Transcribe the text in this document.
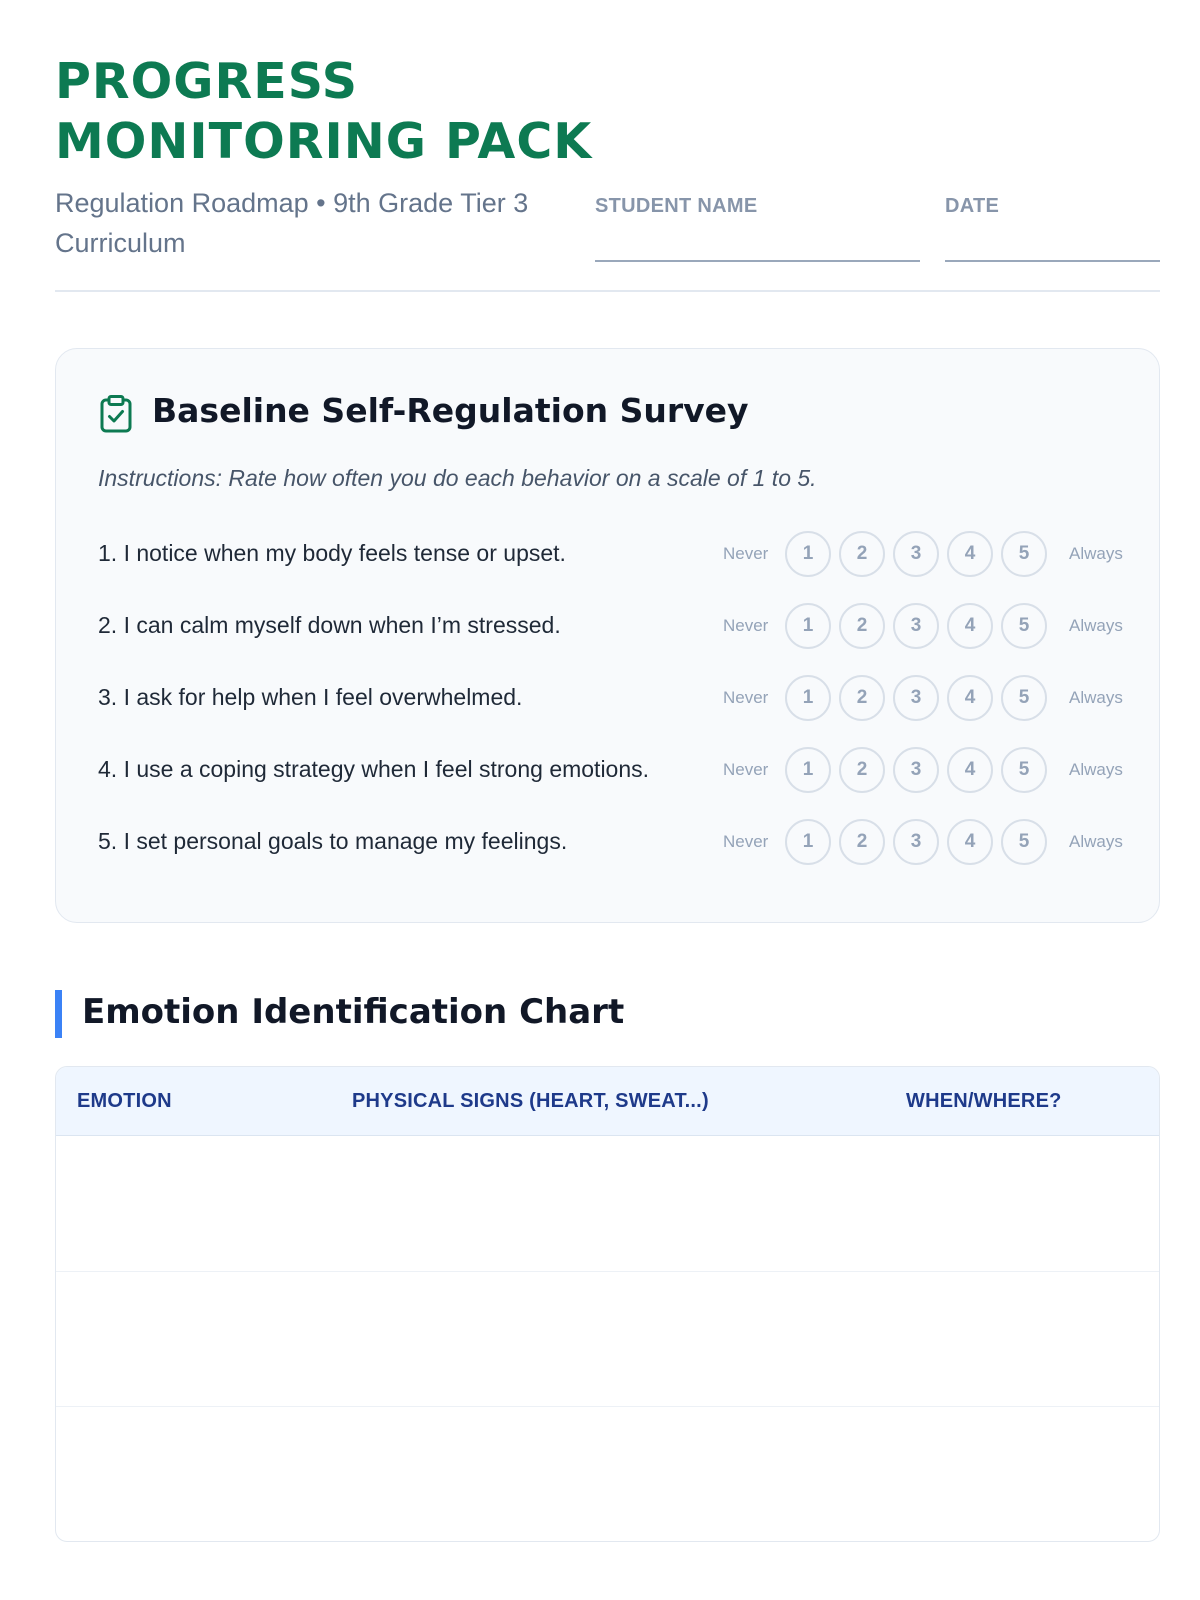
PROGRESS MONITORING PACK
Regulation Roadmap • 9th Grade Tier 3 Curriculum
STUDENT NAME	DATE
Baseline Self-Regulation Survey
Instructions: Rate how often you do each behavior on a scale of 1 to 5.
1. I notice when my body feels tense or upset.	Never	1	2	3	4	5	Always
2. I can calm myself down when I’m stressed.	Never	1	2	3	4	5	Always
3. I ask for help when I feel overwhelmed.	Never	1	2	3	4	5	Always
4. I use a coping strategy when I feel strong emotions.	Never	1	2	3	4	5	Always
5. I set personal goals to manage my feelings.	Never	1	2	3	4	5	Always
Emotion Identification Chart
EMOTION	PHYSICAL SIGNS (HEART, SWEAT...)	WHEN/WHERE?
